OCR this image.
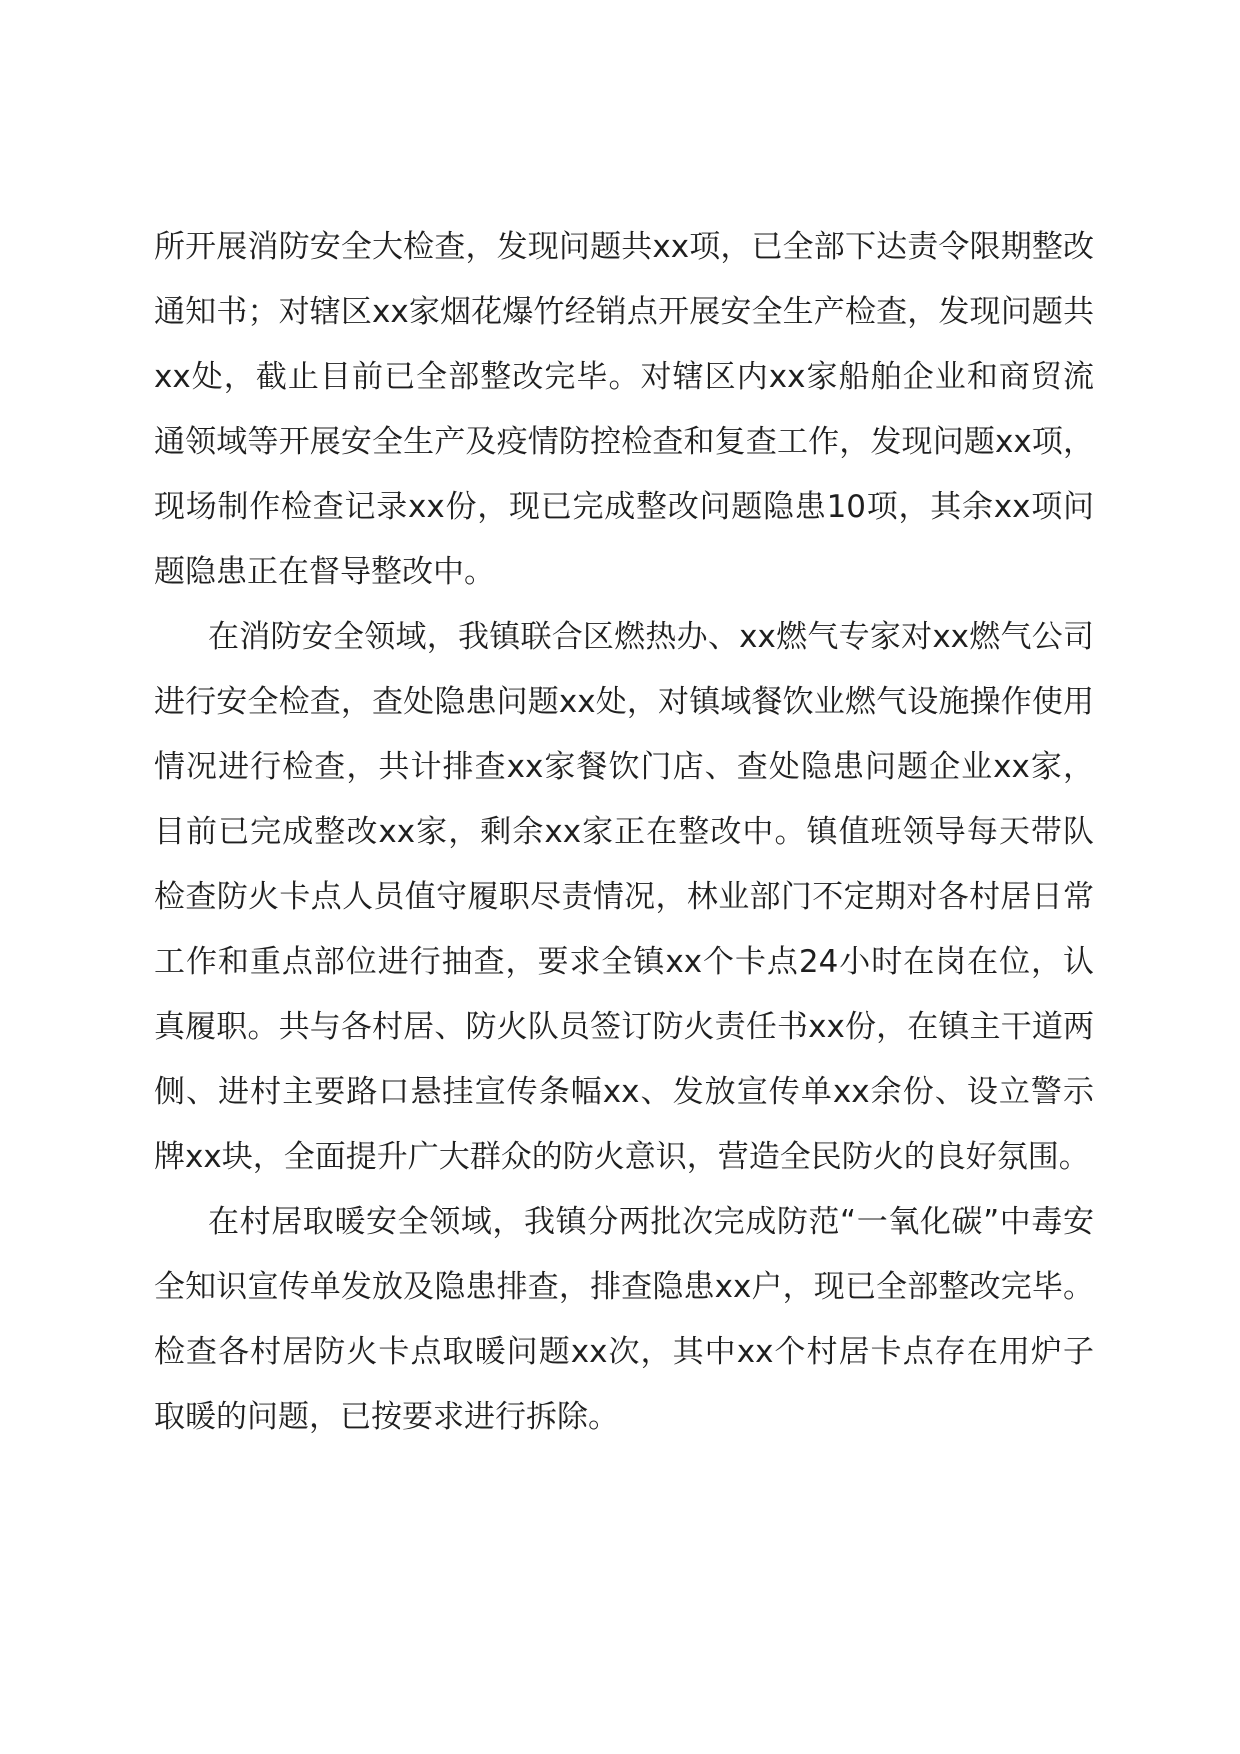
所开展消防安全大检查，发现问题共xx项，已全部下达责令限期整改通知书；对辖区xx家烟花爆竹经销点开展安全生产检查，发现问题共xx处，截止目前已全部整改完毕。对辖区内xx家船舶企业和商贸流通领域等开展安全生产及疫情防控检查和复查工作，发现问题xx项，现场制作检查记录xx份，现已完成整改问题隐患10项，其余xx项问题隐患正在督导整改中。

在消防安全领域，我镇联合区燃热办、xx燃气专家对xx燃气公司进行安全检查，查处隐患问题xx处，对镇域餐饮业燃气设施操作使用情况进行检查，共计排查xx家餐饮门店、查处隐患问题企业xx家，目前已完成整改xx家，剩余xx家正在整改中。镇值班领导每天带队检查防火卡点人员值守履职尽责情况，林业部门不定期对各村居日常工作和重点部位进行抽查，要求全镇xx个卡点24小时在岗在位，认真履职。共与各村居、防火队员签订防火责任书xx份，在镇主干道两侧、进村主要路口悬挂宣传条幅xx、发放宣传单xx余份、设立警示牌xx块，全面提升广大群众的防火意识，营造全民防火的良好氛围。

在村居取暖安全领域，我镇分两批次完成防范“一氧化碳”中毒安全知识宣传单发放及隐患排查，排查隐患xx户，现已全部整改完毕。检查各村居防火卡点取暖问题xx次，其中xx个村居卡点存在用炉子取暖的问题，已按要求进行拆除。
